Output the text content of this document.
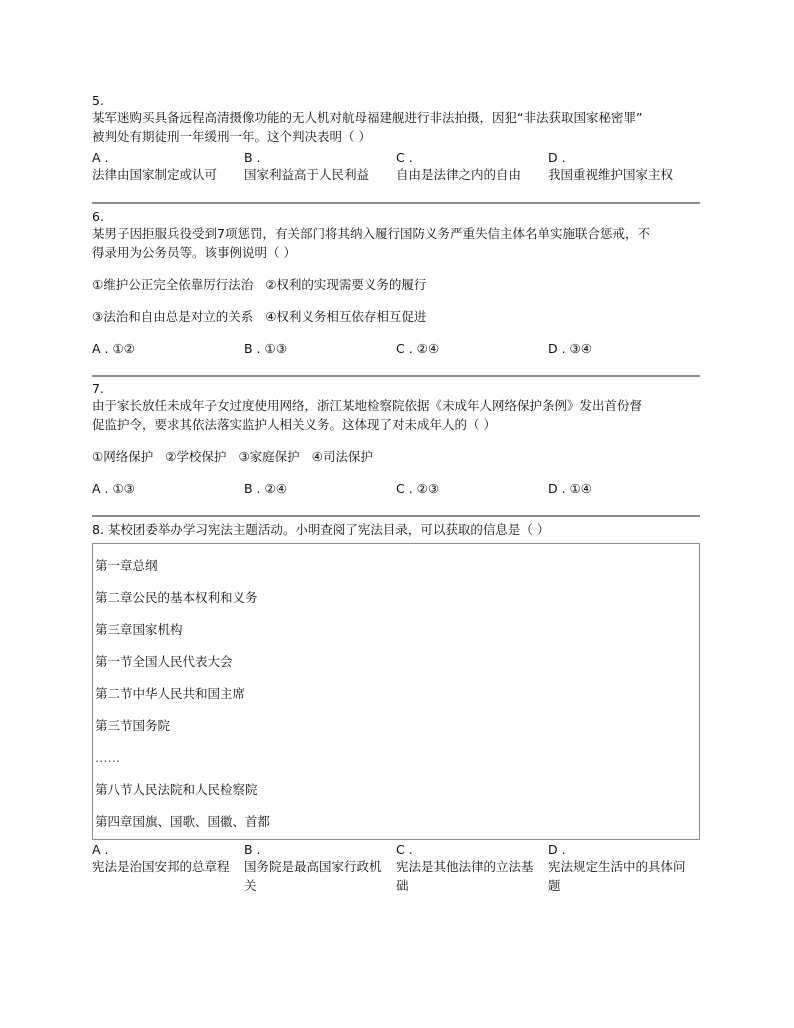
5.
某军迷购买具备远程高清摄像功能的无人机对航母福建舰进行非法拍摄，因犯“非法获取国家秘密罪”
被判处有期徒刑一年缓刑一年。这个判决表明（ ）
A .
法律由国家制定或认可
B .
国家利益高于人民利益
C .
自由是法律之内的自由
D .
我国重视维护国家主权
6.
某男子因拒服兵役受到7项惩罚，有关部门将其纳入履行国防义务严重失信主体名单实施联合惩戒，不
得录用为公务员等。该事例说明（ ）
①维护公正完全依靠厉行法治 ②权利的实现需要义务的履行
③法治和自由总是对立的关系 ④权利义务相互依存相互促进
A . ①②	B . ①③	C . ②④	D . ③④
7.
由于家长放任未成年子女过度使用网络，浙江某地检察院依据《未成年人网络保护条例》发出首份督
促监护令，要求其依法落实监护人相关义务。这体现了对未成年人的（ ）
①网络保护 ②学校保护 ③家庭保护 ④司法保护
A . ①③	B . ②④	C . ②③	D . ①④
8. 某校团委举办学习宪法主题活动。小明查阅了宪法目录，可以获取的信息是（ ）
第一章总纲
第二章公民的基本权利和义务
第三章国家机构
第一节全国人民代表大会
第二节中华人民共和国主席
第三节国务院
……
第八节人民法院和人民检察院
第四章国旗、国歌、国徽、首都
A .
宪法是治国安邦的总章程
B .
国务院是最高国家行政机关
C .
宪法是其他法律的立法基础
D .
宪法规定生活中的具体问题
